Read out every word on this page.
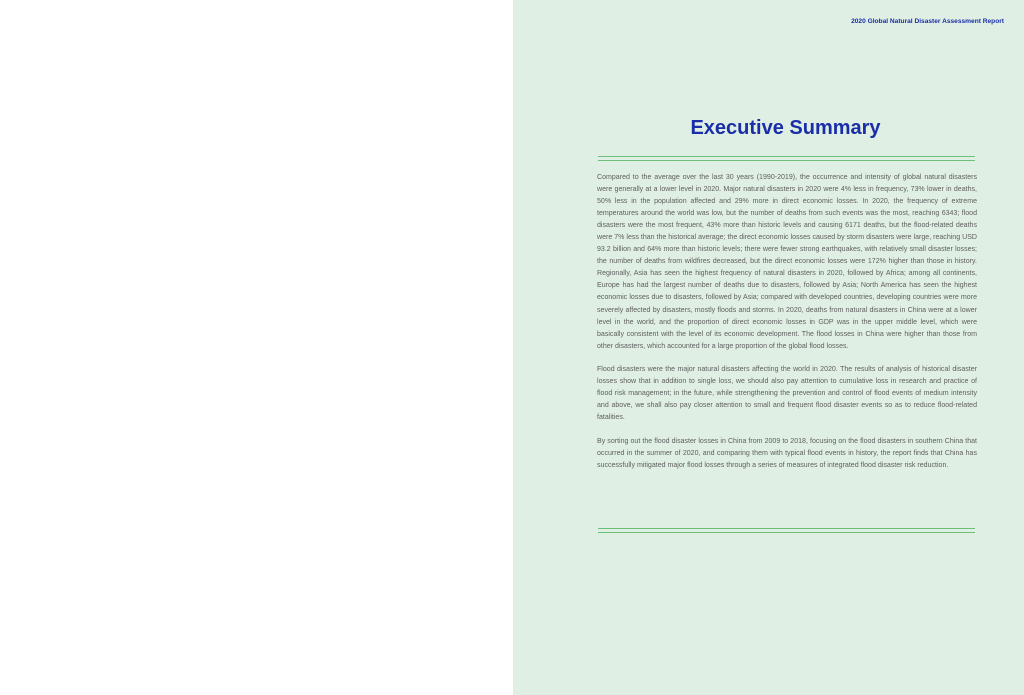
2020 Global Natural Disaster Assessment Report
Executive Summary

Compared to the average over the last 30 years (1990-2019), the occurrence and intensity of global natural disasters were generally at a lower level in 2020. Major natural disasters in 2020 were 4% less in frequency, 73% lower in deaths, 50% less in the population affected and 29% more in direct economic losses. In 2020, the frequency of extreme temperatures around the world was low, but the number of deaths from such events was the most, reaching 6343; flood disasters were the most frequent, 43% more than historic levels and causing 6171 deaths, but the flood-related deaths were 7% less than the historical average; the direct economic losses caused by storm disasters were large, reaching USD 93.2 billion and 64% more than historic levels; there were fewer strong earthquakes, with relatively small disaster losses; the number of deaths from wildfires decreased, but the direct economic losses were 172% higher than those in history. Regionally, Asia has seen the highest frequency of natural disasters in 2020, followed by Africa; among all continents, Europe has had the largest number of deaths due to disasters, followed by Asia; North America has seen the highest economic losses due to disasters, followed by Asia; compared with developed countries, developing countries were more severely affected by disasters, mostly floods and storms. In 2020, deaths from natural disasters in China were at a lower level in the world, and the proportion of direct economic losses in GDP was in the upper middle level, which were basically consistent with the level of its economic development. The flood losses in China were higher than those from other disasters, which accounted for a large proportion of the global flood losses.

Flood disasters were the major natural disasters affecting the world in 2020. The results of analysis of historical disaster losses show that in addition to single loss, we should also pay attention to cumulative loss in research and practice of flood risk management; in the future, while strengthening the prevention and control of flood events of medium intensity and above, we shall also pay closer attention to small and frequent flood disaster events so as to reduce flood-related fatalities.

By sorting out the flood disaster losses in China from 2009 to 2018, focusing on the flood disasters in southern China that occurred in the summer of 2020, and comparing them with typical flood events in history, the report finds that China has successfully mitigated major flood losses through a series of measures of integrated flood disaster risk reduction.
